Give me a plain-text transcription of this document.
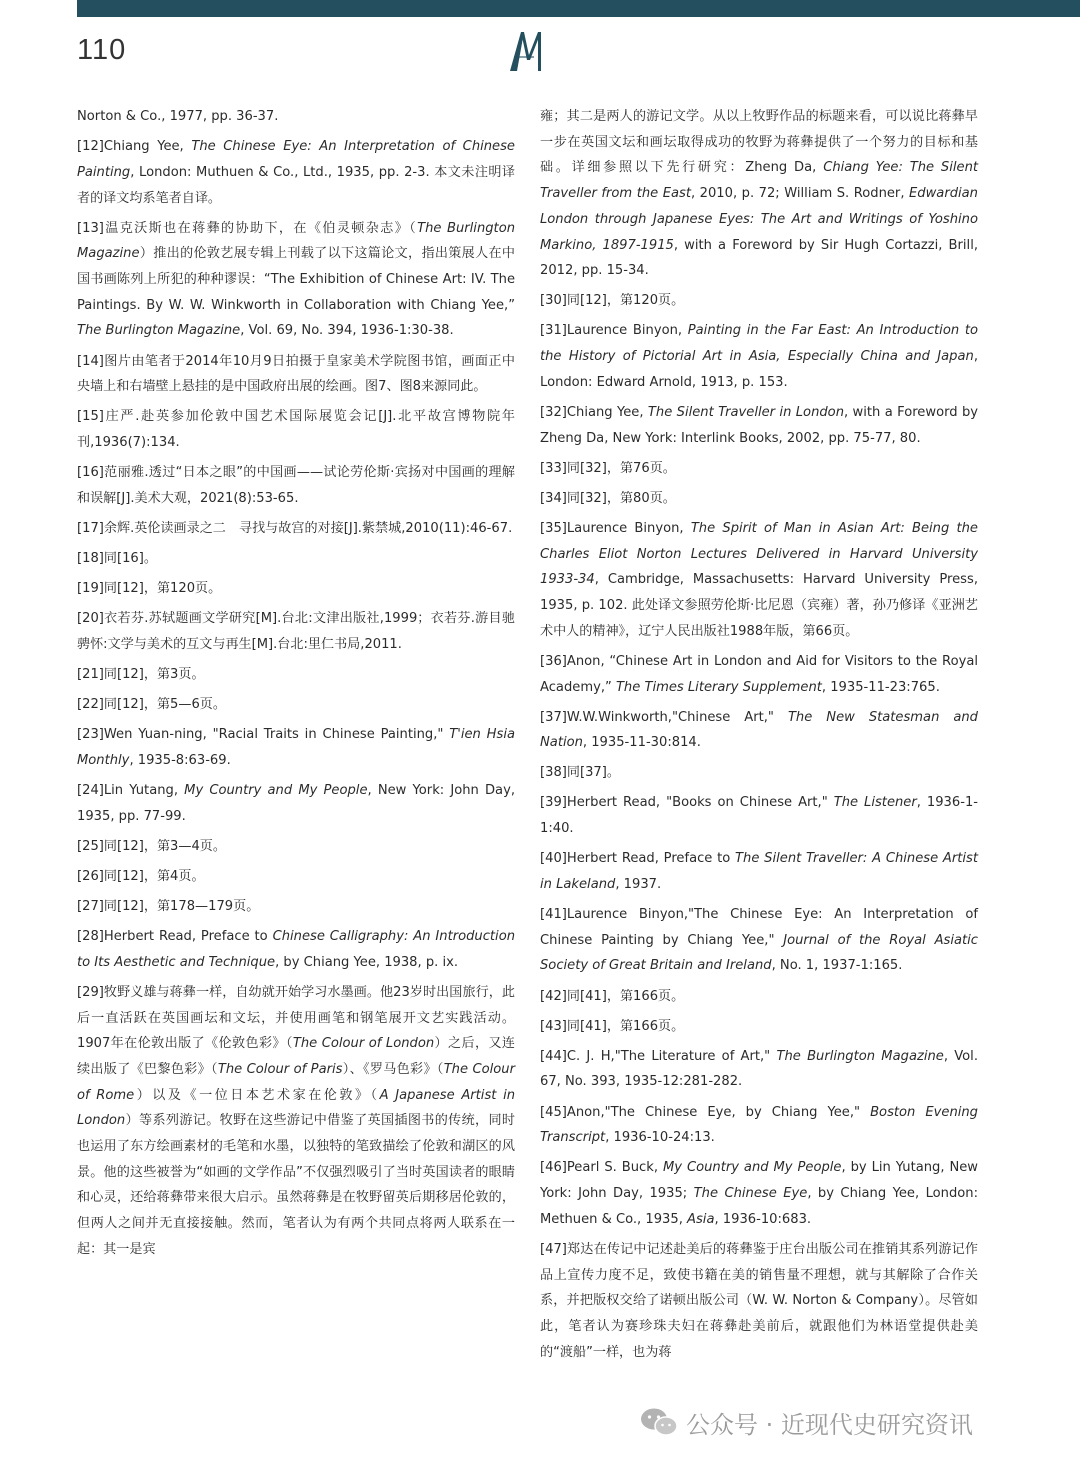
110

Norton & Co., 1977, pp. 36-37.

[12]Chiang Yee, The Chinese Eye: An Interpretation of Chinese Painting, London: Muthuen & Co., Ltd., 1935, pp. 2-3. 本文未注明译者的译文均系笔者自译。

[13]温克沃斯也在蒋彝的协助下，在《伯灵顿杂志》（The Burlington Magazine）推出的伦敦艺展专辑上刊载了以下这篇论文，指出策展人在中国书画陈列上所犯的种种谬误：“The Exhibition of Chinese Art: IV. The Paintings. By W. W. Winkworth in Collaboration with Chiang Yee,” The Burlington Magazine, Vol. 69, No. 394, 1936-1:30-38.

[14]图片由笔者于2014年10月9日拍摄于皇家美术学院图书馆，画面正中央墙上和右墙壁上悬挂的是中国政府出展的绘画。图7、图8来源同此。

[15]庄严.赴英参加伦敦中国艺术国际展览会记[J].北平故宫博物院年刊,1936(7):134.

[16]范丽雅.透过“日本之眼”的中国画——试论劳伦斯·宾扬对中国画的理解和误解[J].美术大观，2021(8):53-65.

[17]余辉.英伦读画录之二　寻找与故宫的对接[J].紫禁城,2010(11):46-67.

[18]同[16]。

[19]同[12]，第120页。

[20]衣若芬.苏轼题画文学研究[M].台北:文津出版社,1999；衣若芬.游目驰骋怀:文学与美术的互文与再生[M].台北:里仁书局,2011.

[21]同[12]，第3页。

[22]同[12]，第5—6页。

[23]Wen Yuan-ning, "Racial Traits in Chinese Painting," T'ien Hsia Monthly, 1935-8:63-69.

[24]Lin Yutang, My Country and My People, New York: John Day, 1935, pp. 77-99.

[25]同[12]，第3—4页。

[26]同[12]，第4页。

[27]同[12]，第178—179页。

[28]Herbert Read, Preface to Chinese Calligraphy: An Introduction to Its Aesthetic and Technique, by Chiang Yee, 1938, p. ix.

[29]牧野义雄与蒋彝一样，自幼就开始学习水墨画。他23岁时出国旅行，此后一直活跃在英国画坛和文坛，并使用画笔和钢笔展开文艺实践活动。1907年在伦敦出版了《伦敦色彩》（The Colour of London）之后，又连续出版了《巴黎色彩》（The Colour of Paris）、《罗马色彩》（The Colour of Rome）以及《一位日本艺术家在伦敦》（A Japanese Artist in London）等系列游记。牧野在这些游记中借鉴了英国插图书的传统，同时也运用了东方绘画素材的毛笔和水墨，以独特的笔致描绘了伦敦和湖区的风景。他的这些被誉为“如画的文学作品”不仅强烈吸引了当时英国读者的眼睛和心灵，还给蒋彝带来很大启示。虽然蒋彝是在牧野留英后期移居伦敦的，但两人之间并无直接接触。然而，笔者认为有两个共同点将两人联系在一起：其一是宾

雍；其二是两人的游记文学。从以上牧野作品的标题来看，可以说比蒋彝早一步在英国文坛和画坛取得成功的牧野为蒋彝提供了一个努力的目标和基础。详细参照以下先行研究：Zheng Da, Chiang Yee: The Silent Traveller from the East, 2010, p. 72; William S. Rodner, Edwardian London through Japanese Eyes: The Art and Writings of Yoshino Markino, 1897-1915, with a Foreword by Sir Hugh Cortazzi, Brill, 2012, pp. 15-34.

[30]同[12]，第120页。

[31]Laurence Binyon, Painting in the Far East: An Introduction to the History of Pictorial Art in Asia, Especially China and Japan, London: Edward Arnold, 1913, p. 153.

[32]Chiang Yee, The Silent Traveller in London, with a Foreword by Zheng Da, New York: Interlink Books, 2002, pp. 75-77, 80.

[33]同[32]，第76页。

[34]同[32]，第80页。

[35]Laurence Binyon, The Spirit of Man in Asian Art: Being the Charles Eliot Norton Lectures Delivered in Harvard University 1933-34, Cambridge, Massachusetts: Harvard University Press, 1935, p. 102. 此处译文参照劳伦斯·比尼恩（宾雍）著，孙乃修译《亚洲艺术中人的精神》，辽宁人民出版社1988年版，第66页。

[36]Anon, “Chinese Art in London and Aid for Visitors to the Royal Academy,” The Times Literary Supplement, 1935-11-23:765.

[37]W.W.Winkworth,"Chinese Art," The New Statesman and Nation, 1935-11-30:814.

[38]同[37]。

[39]Herbert Read, "Books on Chinese Art," The Listener, 1936-1-1:40.

[40]Herbert Read, Preface to The Silent Traveller: A Chinese Artist in Lakeland, 1937.

[41]Laurence Binyon,"The Chinese Eye: An Interpretation of Chinese Painting by Chiang Yee," Journal of the Royal Asiatic Society of Great Britain and Ireland, No. 1, 1937-1:165.

[42]同[41]，第166页。

[43]同[41]，第166页。

[44]C. J. H,"The Literature of Art," The Burlington Magazine, Vol. 67, No. 393, 1935-12:281-282.

[45]Anon,"The Chinese Eye, by Chiang Yee," Boston Evening Transcript, 1936-10-24:13.

[46]Pearl S. Buck, My Country and My People, by Lin Yutang, New York: John Day, 1935; The Chinese Eye, by Chiang Yee, London: Methuen & Co., 1935, Asia, 1936-10:683.

[47]郑达在传记中记述赴美后的蒋彝鉴于庄台出版公司在推销其系列游记作品上宣传力度不足，致使书籍在美的销售量不理想，就与其解除了合作关系，并把版权交给了诺顿出版公司（W. W. Norton & Company）。尽管如此，笔者认为赛珍珠夫妇在蒋彝赴美前后，就跟他们为林语堂提供赴美的“渡船”一样，也为蒋

公众号 · 近现代史研究资讯
